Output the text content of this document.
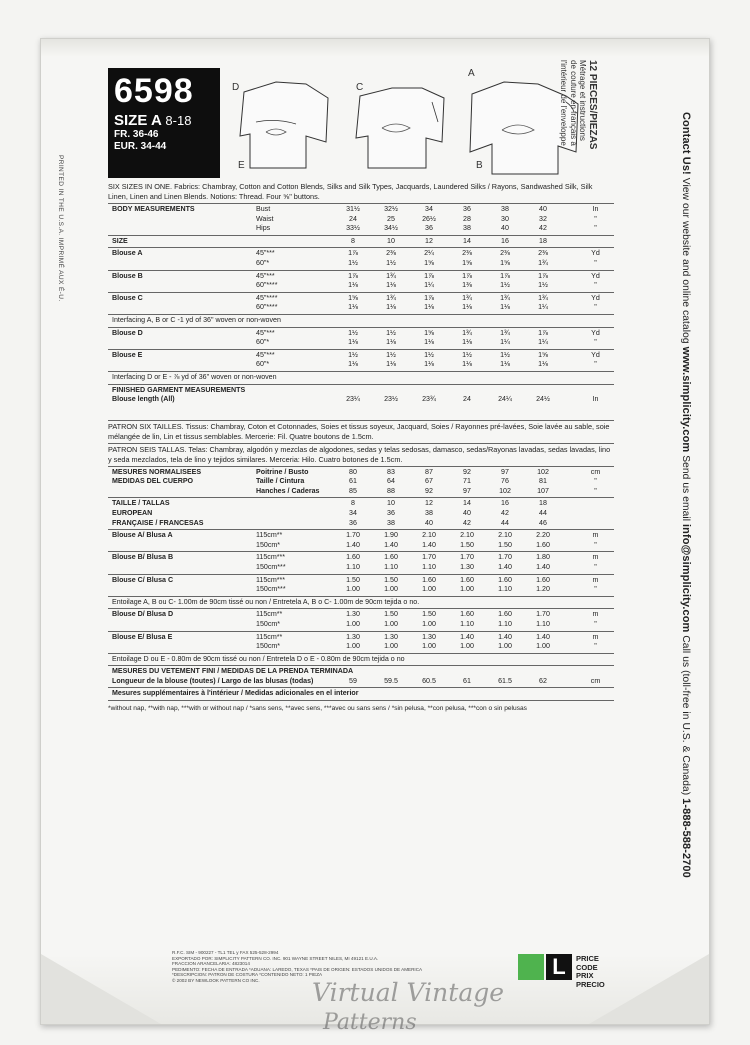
PRINTED IN THE U.S.A. IMPRIMÉ AUX É-U.
6598
SIZE A 8-18
FR. 36-46
EUR. 34-44
D
E
C
A
B
12 PIECES/PIEZAS
Métrage et instructions
de couture en français à
l'intérieur de l'enveloppe.	Contact Us! View our website and online catalog www.simplicity.com Send us email info@simplicity.com Call us (toll-free in U.S. & Canada) 1-888-588-2700

SIX SIZES IN ONE. Fabrics: Chambray, Cotton and Cotton Blends, Silks and Silk Types, Jacquards, Laundered Silks / Rayons, Sandwashed Silk, Silk Linen, Linen and Linen Blends. Notions: Thread. Four ⅝" buttons.

BODY MEASUREMENTS	Bust	31½	32½	34	36	38	40	In
Waist	24	25	26½	28	30	32	"
Hips	33½	34½	36	38	40	42	"
SIZE	8	10	12	14	16	18
Blouse A	45"***	1⅞	2⅜	2¼	2⅜	2⅜	2⅜	Yd
60"*	1½	1½	1⅝	1⅝	1⅝	1¾	"
Blouse B	45"***	1⅞	1¾	1⅞	1⅞	1⅞	1⅞	Yd
60"****	1⅛	1⅛	1¼	1⅜	1½	1½	"
Blouse C	45"****	1⅝	1¾	1⅞	1¾	1¾	1¾	Yd
60"****	1⅛	1⅛	1⅛	1⅛	1⅛	1¼	"
Interfacing A, B or C -1 yd of 36" woven or non-woven
Blouse D	45"***	1½	1½	1⅝	1¾	1¾	1⅞	Yd
60"*	1⅛	1⅛	1⅛	1⅛	1¼	1¼	"
Blouse E	45"***	1½	1½	1½	1½	1½	1⅝	Yd
60"*	1⅛	1⅛	1⅛	1⅛	1⅛	1⅛	"
Interfacing D or E - ⅞ yd of 36" woven or non-woven
FINISHED GARMENT MEASUREMENTS
Blouse length (All)	23¼	23½	23¾	24	24¼	24½	In

PATRON SIX TAILLES. Tissus: Chambray, Coton et Cotonnades, Soies et tissus soyeux, Jacquard, Soies / Rayonnes pré-lavées, Soie lavée au sable, soie mélangée de lin, Lin et tissus semblables. Mercerie: Fil. Quatre boutons de 1.5cm.

PATRON SEIS TALLAS. Telas: Chambray, algodón y mezclas de algodones, sedas y telas sedosas, damasco, sedas/Rayonas lavadas, sedas lavadas, lino y seda mezclados, tela de lino y tejidos similares. Merceria: Hilo. Cuatro botones de 1.5cm.

MESURES NORMALISEES	Poitrine / Busto	80	83	87	92	97	102	cm
MEDIDAS DEL CUERPO	Taille / Cintura	61	64	67	71	76	81	"
Hanches / Caderas	85	88	92	97	102	107	"
TAILLE / TALLAS	8	10	12	14	16	18
EUROPEAN	34	36	38	40	42	44
FRANÇAISE / FRANCESAS	36	38	40	42	44	46
Blouse A/ Blusa A	115cm**	1.70	1.90	2.10	2.10	2.10	2.20	m
150cm*	1.40	1.40	1.40	1.50	1.50	1.60	"
Blouse B/ Blusa B	115cm***	1.60	1.60	1.70	1.70	1.70	1.80	m
150cm***	1.10	1.10	1.10	1.30	1.40	1.40	"
Blouse C/ Blusa C	115cm***	1.50	1.50	1.60	1.60	1.60	1.60	m
150cm***	1.00	1.00	1.00	1.00	1.10	1.20	"
Entoilage A, B ou C- 1.00m de 90cm tissé ou non / Entretela A, B o C- 1.00m de 90cm tejida o no.
Blouse D/ Blusa D	115cm**	1.30	1.50	1.50	1.60	1.60	1.70	m
150cm*	1.00	1.00	1.00	1.10	1.10	1.10	"
Blouse E/ Blusa E	115cm**	1.30	1.30	1.30	1.40	1.40	1.40	m
150cm*	1.00	1.00	1.00	1.00	1.00	1.00	"
Entoilage D ou E - 0.80m de 90cm tissé ou non / Entretela D o E - 0.80m de 90cm tejida o no
MESURES DU VETEMENT FINI / MEDIDAS DE LA PRENDA TERMINADA
Longueur de la blouse (toutes) / Largo de las blusas (todas)	59	59.5	60.5	61	61.5	62	cm
Mesures supplémentaires à l'intérieur / Medidas adicionales en el interior
*without nap, **with nap, ***with or without nap / *sans sens, **avec sens, ***avec ou sans sens / *sin pelusa, **con pelusa, ***con o sin pelusas
R.F.C. SIM - 900227 - TL1 TEL y FAX 525-528-2994
EXPORTADO POR: SIMPLICITY PATTERN CO. INC. 901 WAYNE STREET NILES, MI 49121 E.U.A.
FRACCION ARANCELARIA: 4823014
PEDIMENTO: FECHA DE ENTRADA *ADUANA: LAREDO, TEXAS *PAIS DE ORIGEN: ESTADOS UNIDOS DE AMERICA
*DESCRIPCION: PATRON DE COSTURA *CONTENIDO NETO: 1 PIEZA
© 2002 BY NEWLOOK PATTERN CO INC.
L	PRICE CODE
PRIX
PRECIO
Virtual Vintage
Patterns
